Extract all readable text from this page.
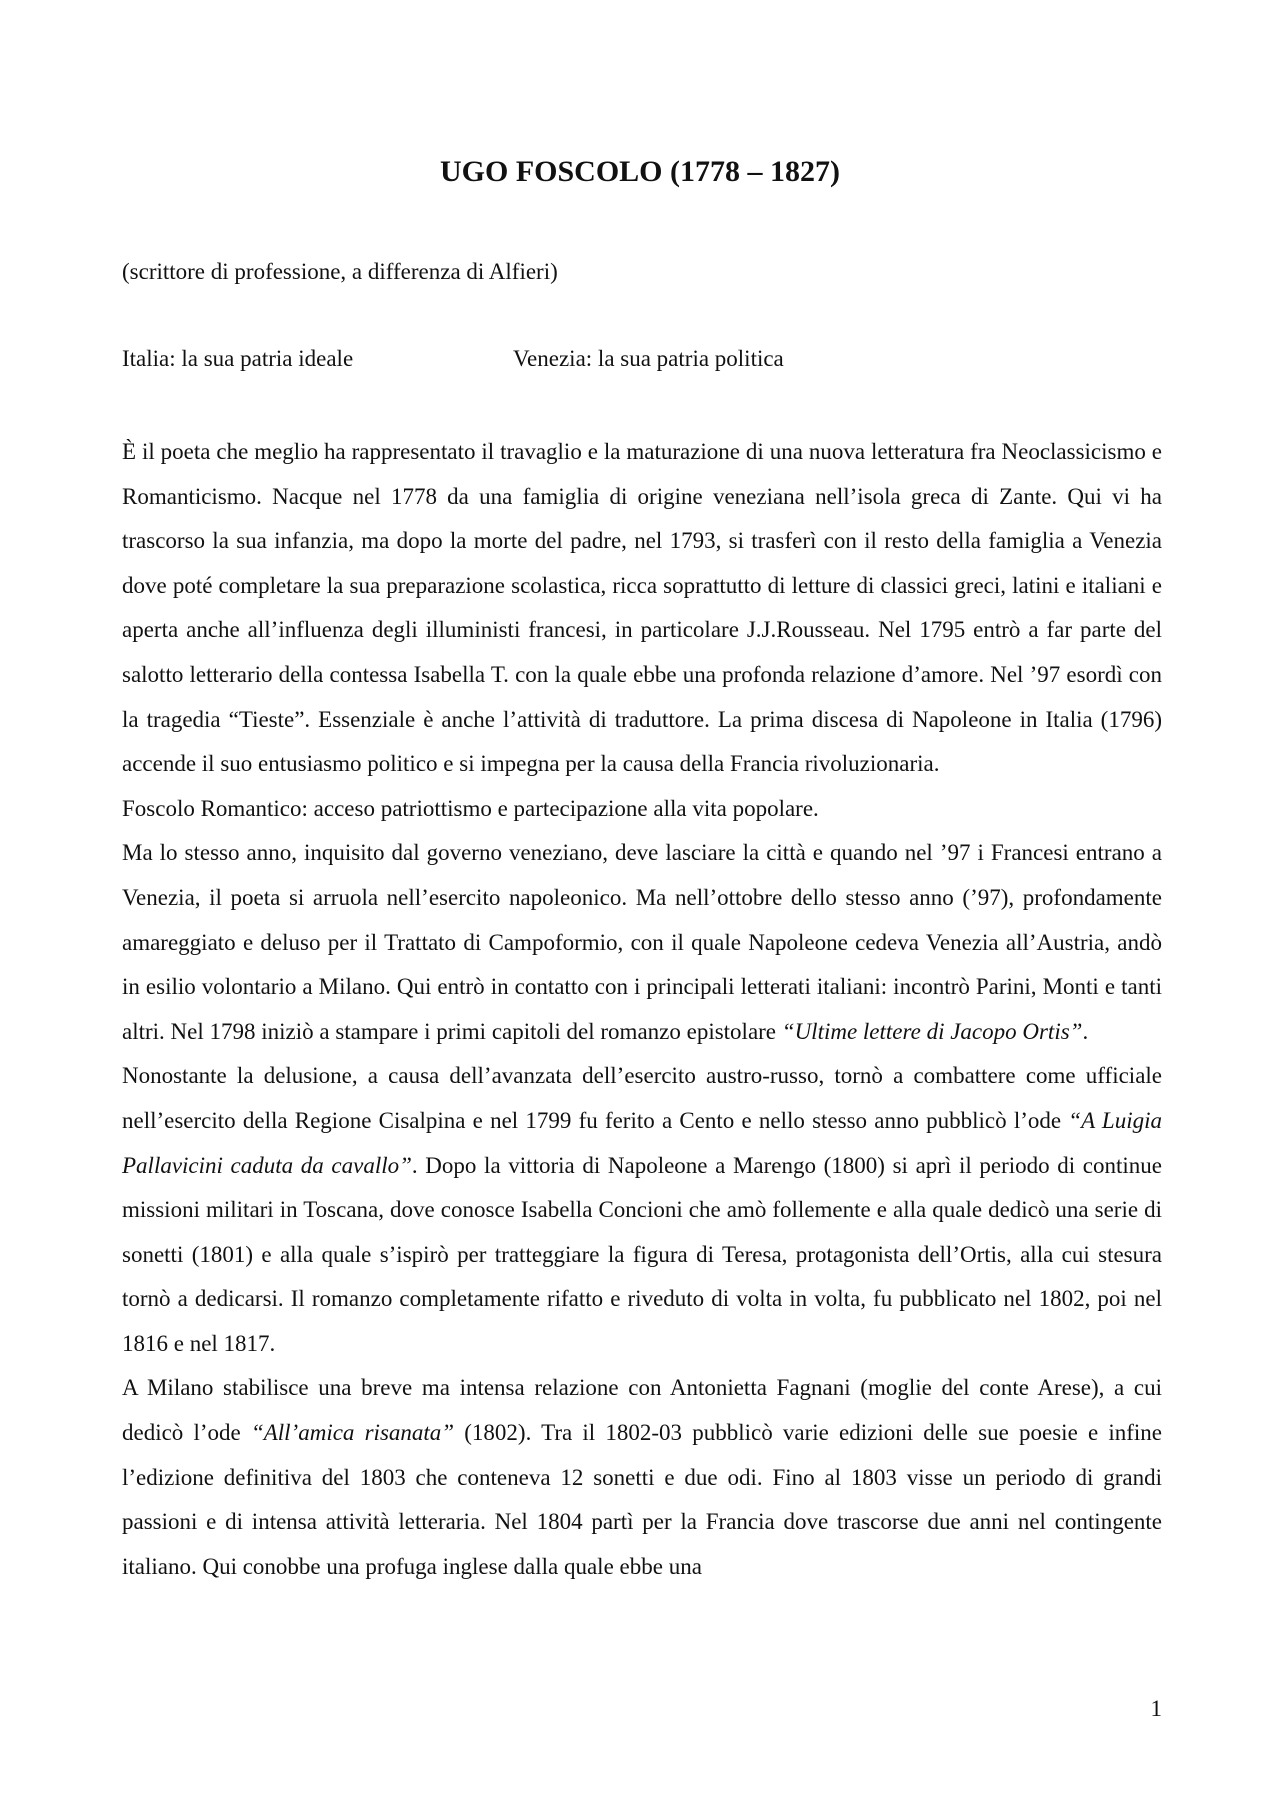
UGO FOSCOLO (1778 – 1827)
(scrittore di professione, a differenza di Alfieri)
Italia: la sua patria ideale	Venezia: la sua patria politica

È il poeta che meglio ha rappresentato il travaglio e la maturazione di una nuova letteratura fra Neoclassicismo e Romanticismo. Nacque nel 1778 da una famiglia di origine veneziana nell’isola greca di Zante. Qui vi ha trascorso la sua infanzia, ma dopo la morte del padre, nel 1793, si trasferì con il resto della famiglia a Venezia dove poté completare la sua preparazione scolastica, ricca soprattutto di letture di classici greci, latini e italiani e aperta anche all’influenza degli illuministi francesi, in particolare J.J.Rousseau. Nel 1795 entrò a far parte del salotto letterario della contessa Isabella T. con la quale ebbe una profonda relazione d’amore. Nel ’97 esordì con la tragedia “Tieste”. Essenziale è anche l’attività di traduttore. La prima discesa di Napoleone in Italia (1796) accende il suo entusiasmo politico e si impegna per la causa della Francia rivoluzionaria.

Foscolo Romantico: acceso patriottismo e partecipazione alla vita popolare.

Ma lo stesso anno, inquisito dal governo veneziano, deve lasciare la città e quando nel ’97 i Francesi entrano a Venezia, il poeta si arruola nell’esercito napoleonico. Ma nell’ottobre dello stesso anno (’97), profondamente amareggiato e deluso per il Trattato di Campoformio, con il quale Napoleone cedeva Venezia all’Austria, andò in esilio volontario a Milano. Qui entrò in contatto con i principali letterati italiani: incontrò Parini, Monti e tanti altri. Nel 1798 iniziò a stampare i primi capitoli del romanzo epistolare “Ultime lettere di Jacopo Ortis”.

Nonostante la delusione, a causa dell’avanzata dell’esercito austro-russo, tornò a combattere come ufficiale nell’esercito della Regione Cisalpina e nel 1799 fu ferito a Cento e nello stesso anno pubblicò l’ode “A Luigia Pallavicini caduta da cavallo”. Dopo la vittoria di Napoleone a Marengo (1800) si aprì il periodo di continue missioni militari in Toscana, dove conosce Isabella Concioni che amò follemente e alla quale dedicò una serie di sonetti (1801) e alla quale s’ispirò per tratteggiare la figura di Teresa, protagonista dell’Ortis, alla cui stesura tornò a dedicarsi. Il romanzo completamente rifatto e riveduto di volta in volta, fu pubblicato nel 1802, poi nel 1816 e nel 1817.

A Milano stabilisce una breve ma intensa relazione con Antonietta Fagnani (moglie del conte Arese), a cui dedicò l’ode “All’amica risanata” (1802). Tra il 1802-03 pubblicò varie edizioni delle sue poesie e infine l’edizione definitiva del 1803 che conteneva 12 sonetti e due odi. Fino al 1803 visse un periodo di grandi passioni e di intensa attività letteraria. Nel 1804 partì per la Francia dove trascorse due anni nel contingente italiano. Qui conobbe una profuga inglese dalla quale ebbe una

1
